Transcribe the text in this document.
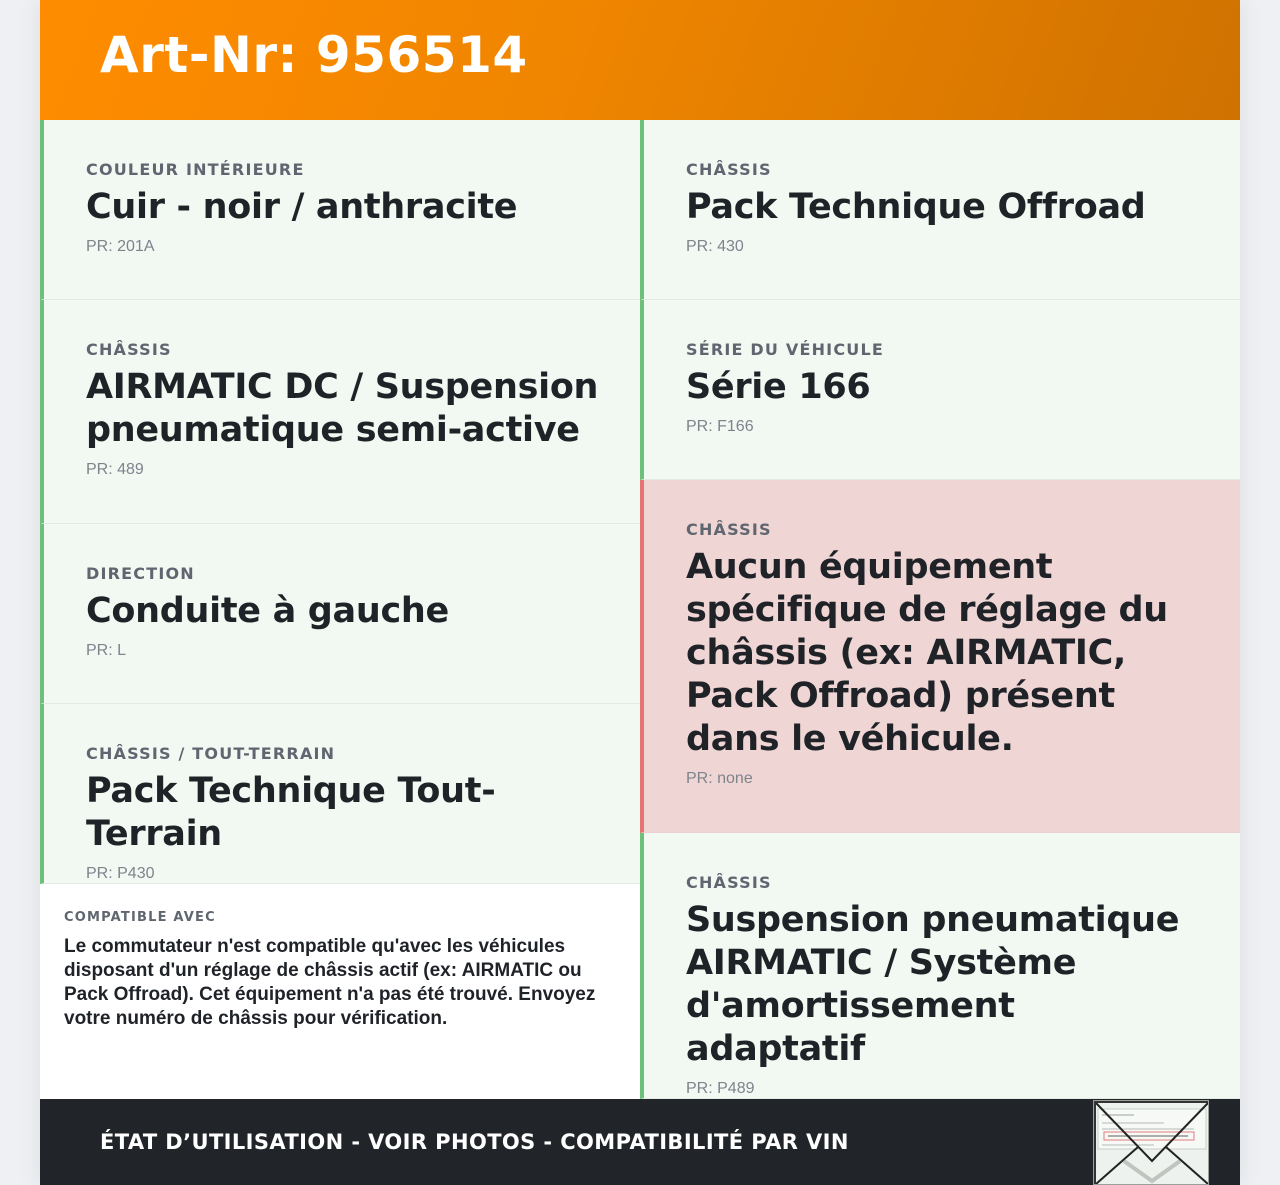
Art-Nr: 956514
COULEUR INTÉRIEURE
Cuir - noir / anthracite
PR: 201A
CHÂSSIS
AIRMATIC DC / Suspension pneumatique semi-active
PR: 489
DIRECTION
Conduite à gauche
PR: L
CHÂSSIS / TOUT-TERRAIN
Pack Technique Tout-Terrain
PR: P430
COMPATIBLE AVEC
Le commutateur n'est compatible qu'avec les véhicules disposant d'un réglage de châssis actif (ex: AIRMATIC ou Pack Offroad). Cet équipement n'a pas été trouvé. Envoyez votre numéro de châssis pour vérification.
CHÂSSIS
Pack Technique Offroad
PR: 430
SÉRIE DU VÉHICULE
Série 166
PR: F166
CHÂSSIS
Aucun équipement spécifique de réglage du châssis (ex: AIRMATIC, Pack Offroad) présent dans le véhicule.
PR: none
CHÂSSIS
Suspension pneumatique AIRMATIC / Système d'amortissement adaptatif
PR: P489
ÉTAT D’UTILISATION - VOIR PHOTOS - COMPATIBILITÉ PAR VIN
